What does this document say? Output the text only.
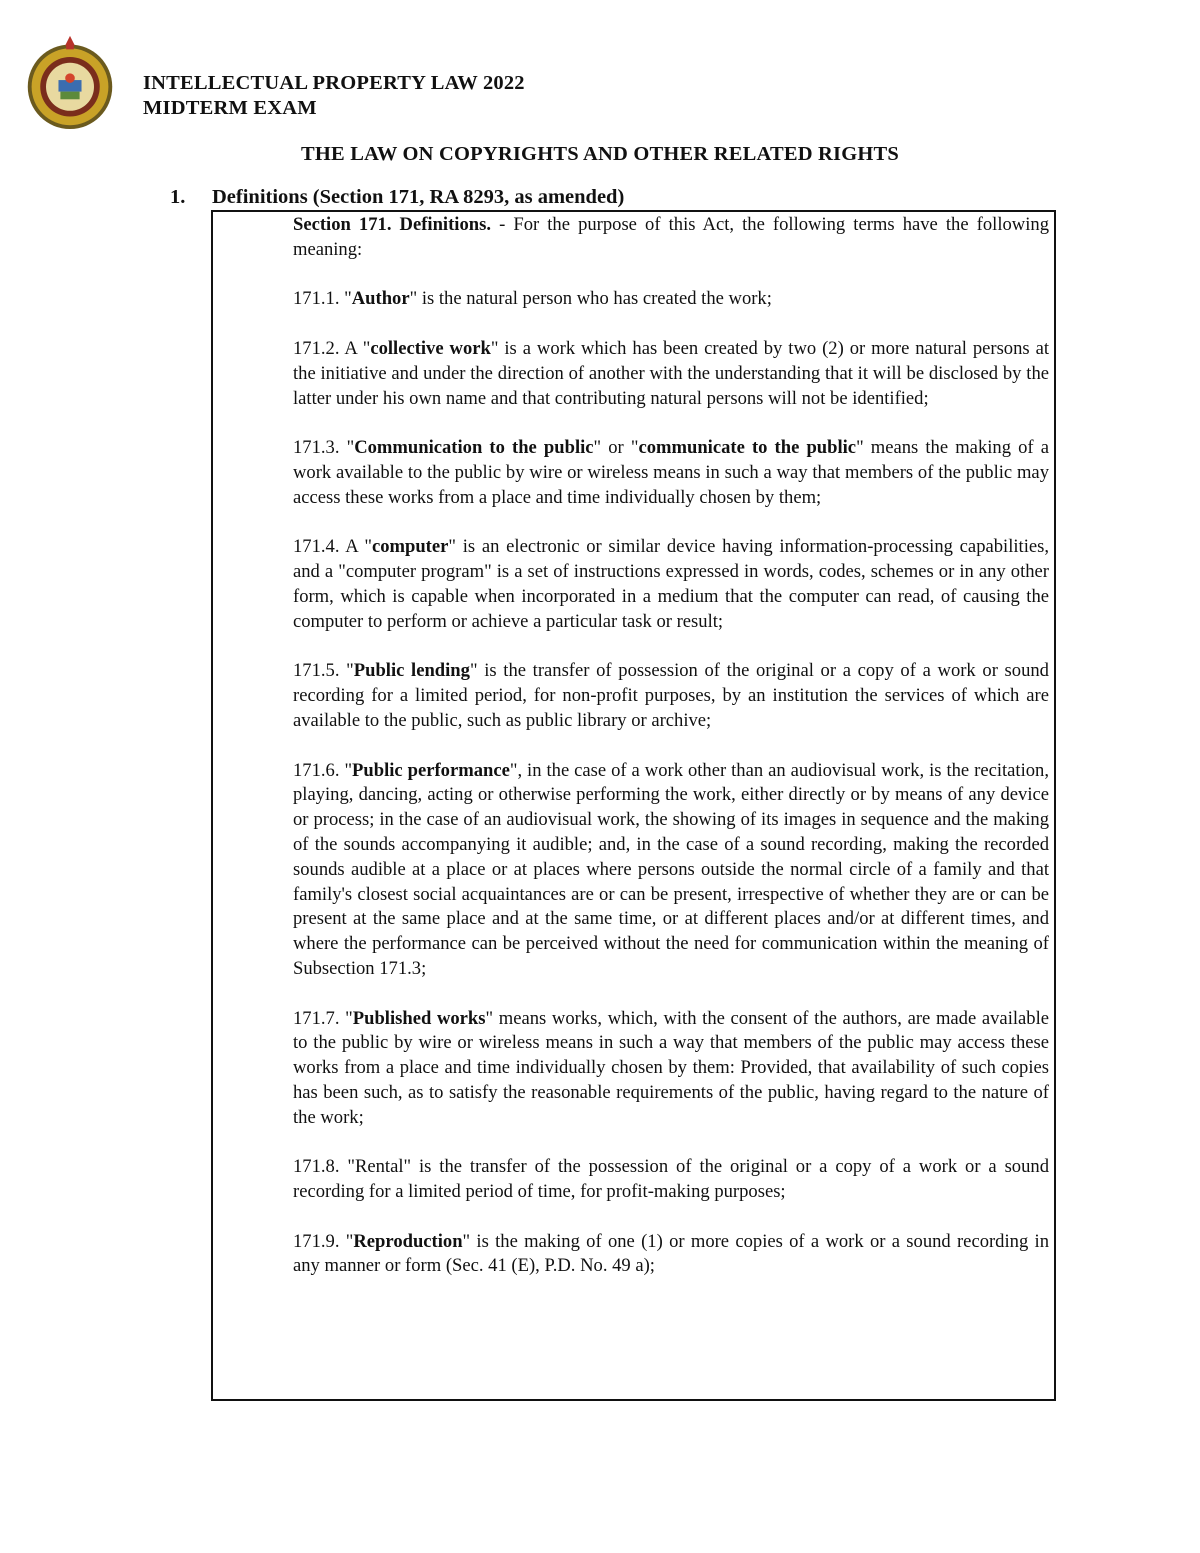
INTELLECTUAL PROPERTY LAW 2022
MIDTERM EXAM
THE LAW ON COPYRIGHTS AND OTHER RELATED RIGHTS
1. Definitions (Section 171, RA 8293, as amended)

Section 171. Definitions. - For the purpose of this Act, the following terms have the following meaning:

171.1. "Author" is the natural person who has created the work;

171.2. A "collective work" is a work which has been created by two (2) or more natural persons at the initiative and under the direction of another with the understanding that it will be disclosed by the latter under his own name and that contributing natural persons will not be identified;

171.3. "Communication to the public" or "communicate to the public" means the making of a work available to the public by wire or wireless means in such a way that members of the public may access these works from a place and time individually chosen by them;

171.4. A "computer" is an electronic or similar device having information-processing capabilities, and a "computer program" is a set of instructions expressed in words, codes, schemes or in any other form, which is capable when incorporated in a medium that the computer can read, of causing the computer to perform or achieve a particular task or result;

171.5. "Public lending" is the transfer of possession of the original or a copy of a work or sound recording for a limited period, for non-profit purposes, by an institution the services of which are available to the public, such as public library or archive;

171.6. "Public performance", in the case of a work other than an audiovisual work, is the recitation, playing, dancing, acting or otherwise performing the work, either directly or by means of any device or process; in the case of an audiovisual work, the showing of its images in sequence and the making of the sounds accompanying it audible; and, in the case of a sound recording, making the recorded sounds audible at a place or at places where persons outside the normal circle of a family and that family's closest social acquaintances are or can be present, irrespective of whether they are or can be present at the same place and at the same time, or at different places and/or at different times, and where the performance can be perceived without the need for communication within the meaning of Subsection 171.3;

171.7. "Published works" means works, which, with the consent of the authors, are made available to the public by wire or wireless means in such a way that members of the public may access these works from a place and time individually chosen by them: Provided, that availability of such copies has been such, as to satisfy the reasonable requirements of the public, having regard to the nature of the work;

171.8. "Rental" is the transfer of the possession of the original or a copy of a work or a sound recording for a limited period of time, for profit-making purposes;

171.9. "Reproduction" is the making of one (1) or more copies of a work or a sound recording in any manner or form (Sec. 41 (E), P.D. No. 49 a);
